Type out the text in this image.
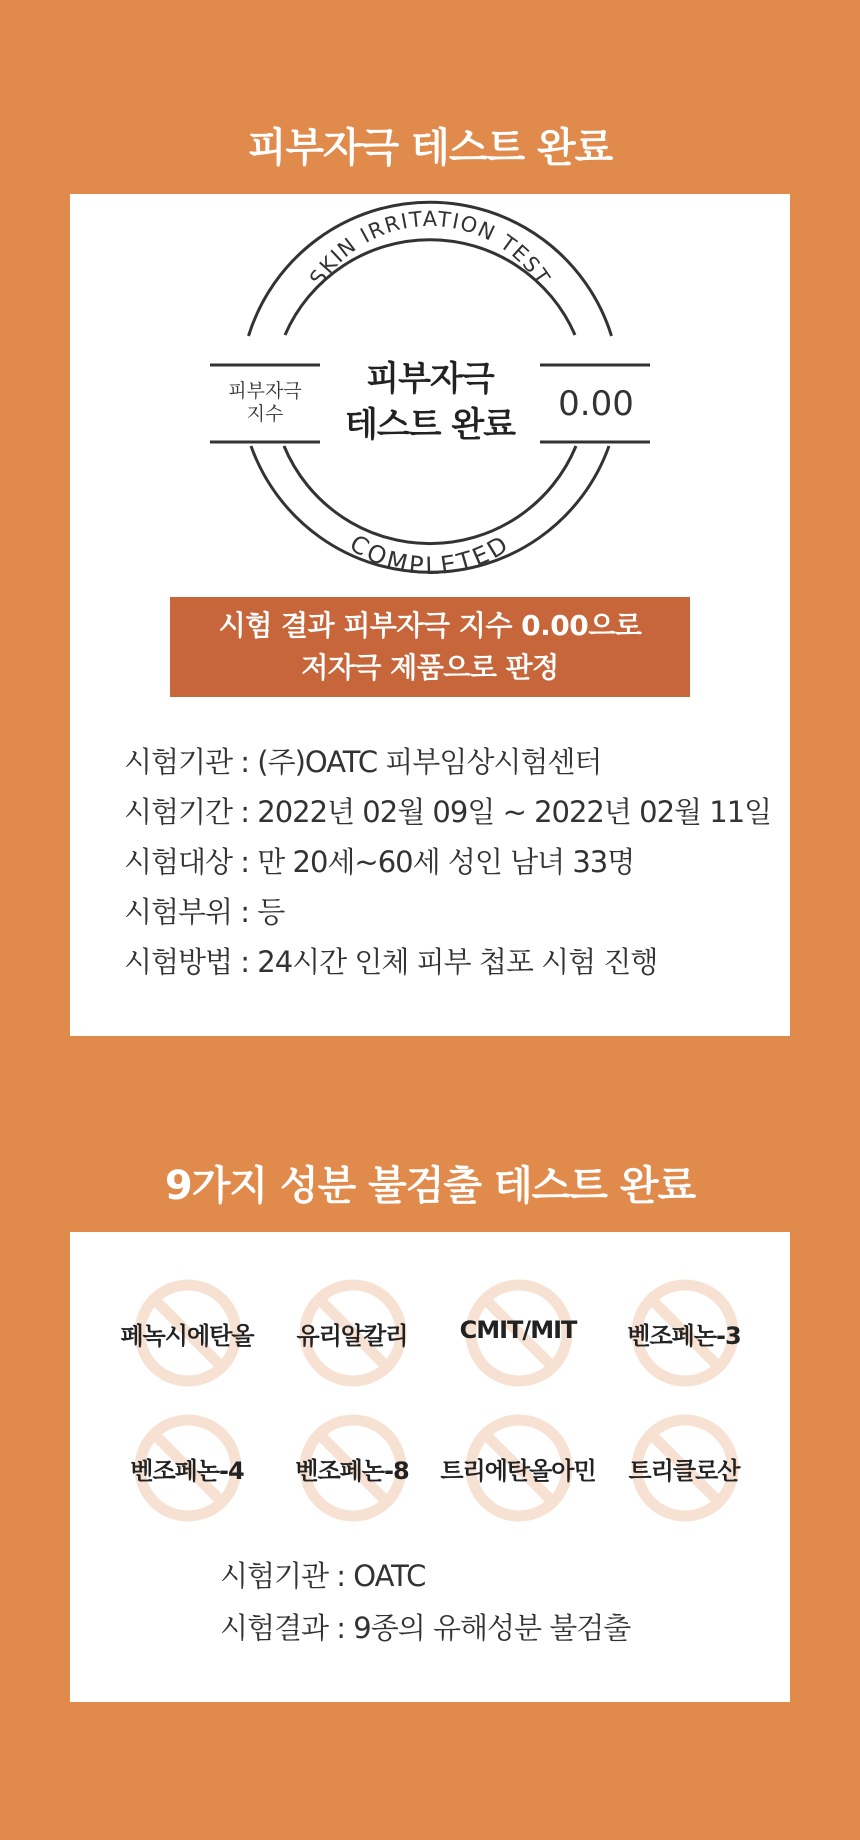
피부자극 테스트 완료
SKIN IRRITATION TEST
COMPLETED
피부자극
테스트 완료
피부자극
지수	0.00
시험 결과 피부자극 지수 0.00으로
저자극 제품으로 판정
시험기관 : (주)OATC 피부임상시험센터
시험기간 : 2022년 02월 09일 ~ 2022년 02월 11일
시험대상 : 만 20세~60세 성인 남녀 33명
시험부위 : 등
시험방법 : 24시간 인체 피부 첩포 시험 진행
9가지 성분 불검출 테스트 완료
페녹시에탄올	유리알칼리	CMIT/MIT	벤조페논-3
벤조페논-4	벤조페논-8	트리에탄올아민	트리클로산
시험기관 : OATC
시험결과 : 9종의 유해성분 불검출
